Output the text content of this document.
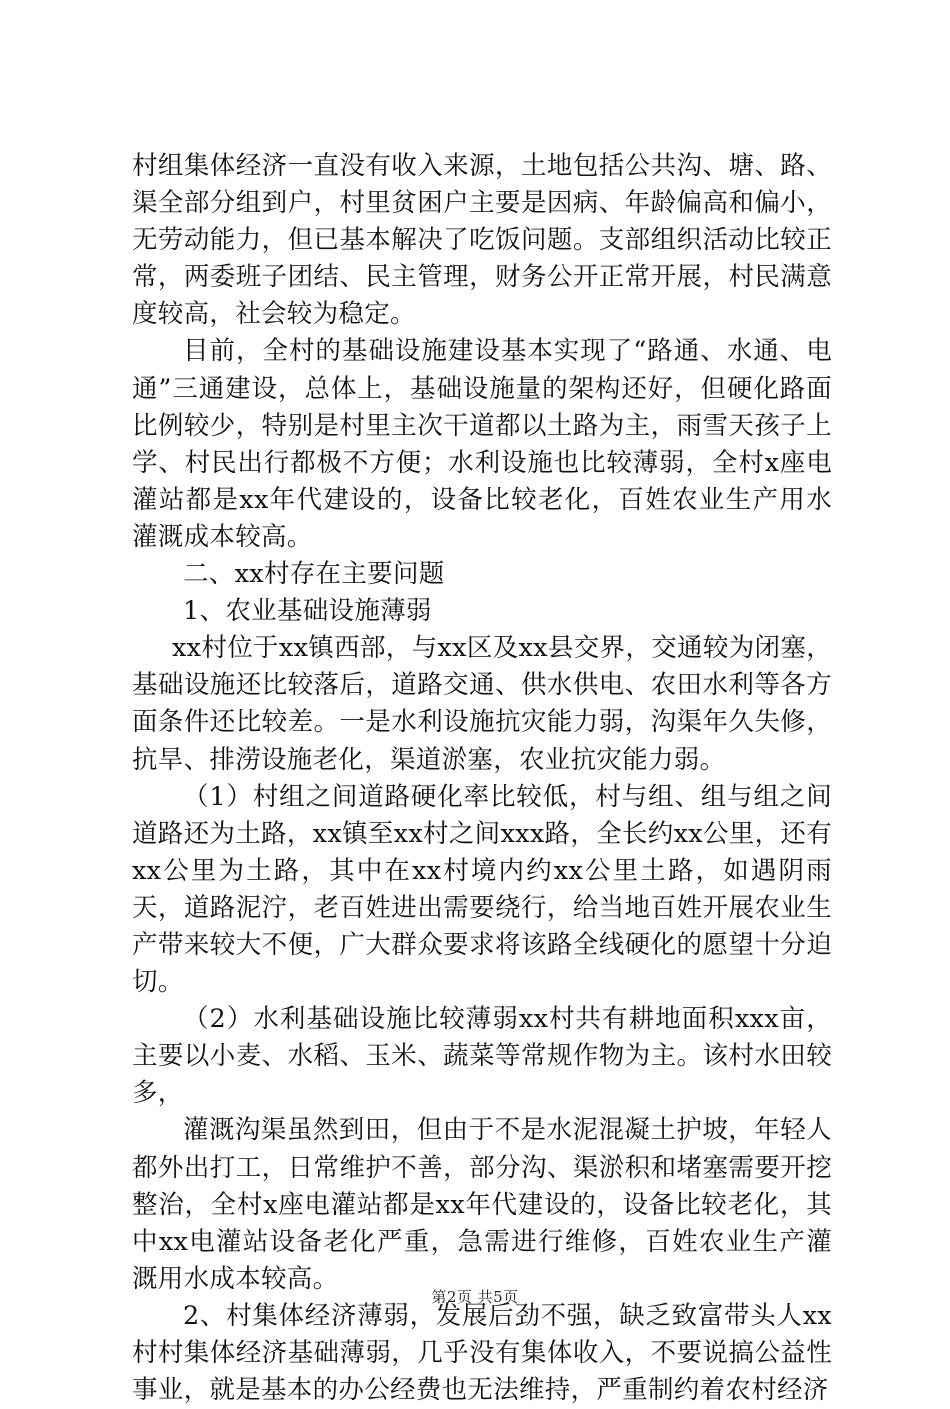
村组集体经济一直没有收入来源，土地包括公共沟、塘、路、渠全部分组到户，村里贫困户主要是因病、年龄偏高和偏小，无劳动能力，但已基本解决了吃饭问题。支部组织活动比较正常，两委班子团结、民主管理，财务公开正常开展，村民满意度较高，社会较为稳定。

目前，全村的基础设施建设基本实现了“路通、水通、电通”三通建设，总体上，基础设施量的架构还好，但硬化路面比例较少，特别是村里主次干道都以土路为主，雨雪天孩子上学、村民出行都极不方便；水利设施也比较薄弱，全村x座电灌站都是xx年代建设的，设备比较老化，百姓农业生产用水灌溉成本较高。

二、xx村存在主要问题

1、农业基础设施薄弱

xx村位于xx镇西部，与xx区及xx县交界，交通较为闭塞，基础设施还比较落后，道路交通、供水供电、农田水利等各方面条件还比较差。一是水利设施抗灾能力弱，沟渠年久失修，抗旱、排涝设施老化，渠道淤塞，农业抗灾能力弱。

（1）村组之间道路硬化率比较低，村与组、组与组之间道路还为土路，xx镇至xx村之间xxx路，全长约xx公里，还有xx公里为土路，其中在xx村境内约xx公里土路，如遇阴雨天，道路泥泞，老百姓进出需要绕行，给当地百姓开展农业生产带来较大不便，广大群众要求将该路全线硬化的愿望十分迫切。

（2）水利基础设施比较薄弱xx村共有耕地面积xxx亩，主要以小麦、水稻、玉米、蔬菜等常规作物为主。该村水田较多，

灌溉沟渠虽然到田，但由于不是水泥混凝土护坡，年轻人都外出打工，日常维护不善，部分沟、渠淤积和堵塞需要开挖整治，全村x座电灌站都是xx年代建设的，设备比较老化，其中xx电灌站设备老化严重，急需进行维修，百姓农业生产灌溉用水成本较高。

2、村集体经济薄弱，发展后劲不强，缺乏致富带头人xx村村集体经济基础薄弱，几乎没有集体收入，不要说搞公益性事业，就是基本的办公经费也无法维持，严重制约着农村经济

第2页 共5页
